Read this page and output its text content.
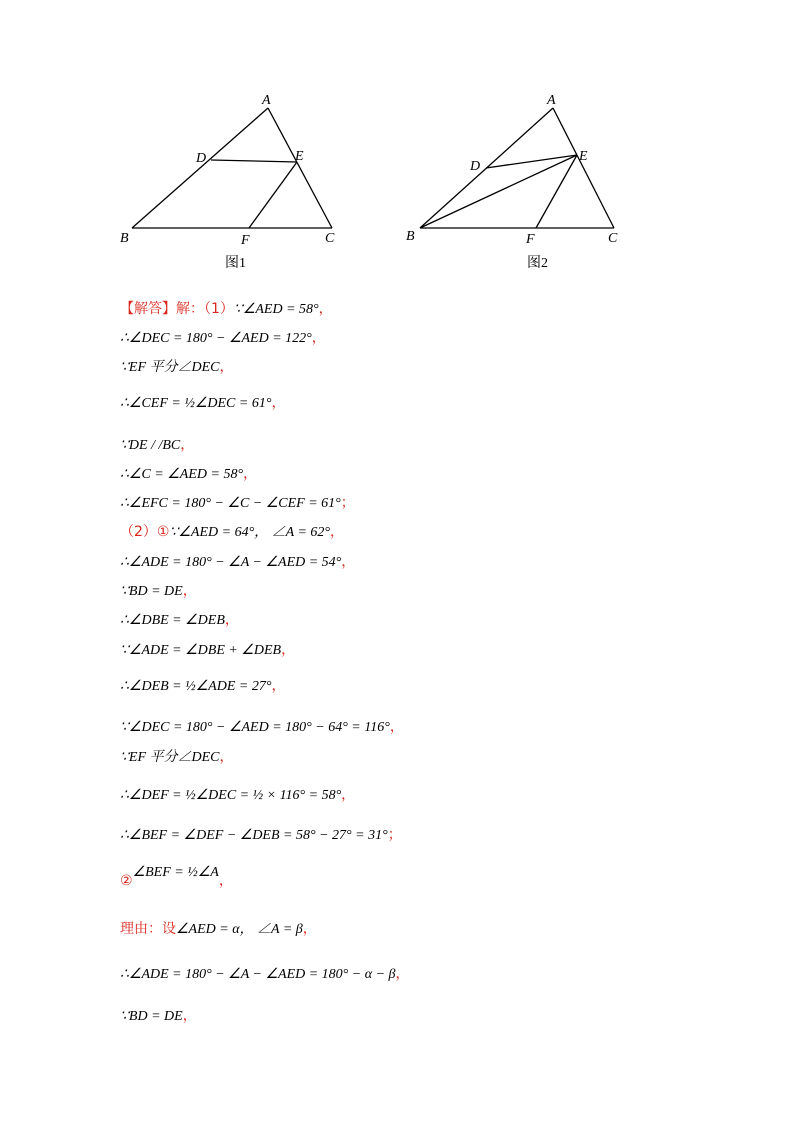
A
B	C
D	E
F
图1
A
B	C
D
E
F
图2
【解答】解：（1）∵∠AED = 58°，
∴∠DEC = 180° − ∠AED = 122°，
∵EF 平分∠DEC，
∴∠CEF = ½∠DEC = 61°，
∵DE / /BC，
∴∠C = ∠AED = 58°，
∴∠EFC = 180° − ∠C − ∠CEF = 61°；
（2）①∵∠AED = 64°， ∠A = 62°，
∴∠ADE = 180° − ∠A − ∠AED = 54°，
∵BD = DE，
∴∠DBE = ∠DEB，
∵∠ADE = ∠DBE + ∠DEB，
∴∠DEB = ½∠ADE = 27°，
∵∠DEC = 180° − ∠AED = 180° − 64° = 116°，
∵EF 平分∠DEC，
∴∠DEF = ½∠DEC = ½ × 116° = 58°，
∴∠BEF = ∠DEF − ∠DEB = 58° − 27° = 31°；
②∠BEF = ½∠A，
理由：设∠AED = α， ∠A = β，
∴∠ADE = 180° − ∠A − ∠AED = 180° − α − β，
∵BD = DE，
